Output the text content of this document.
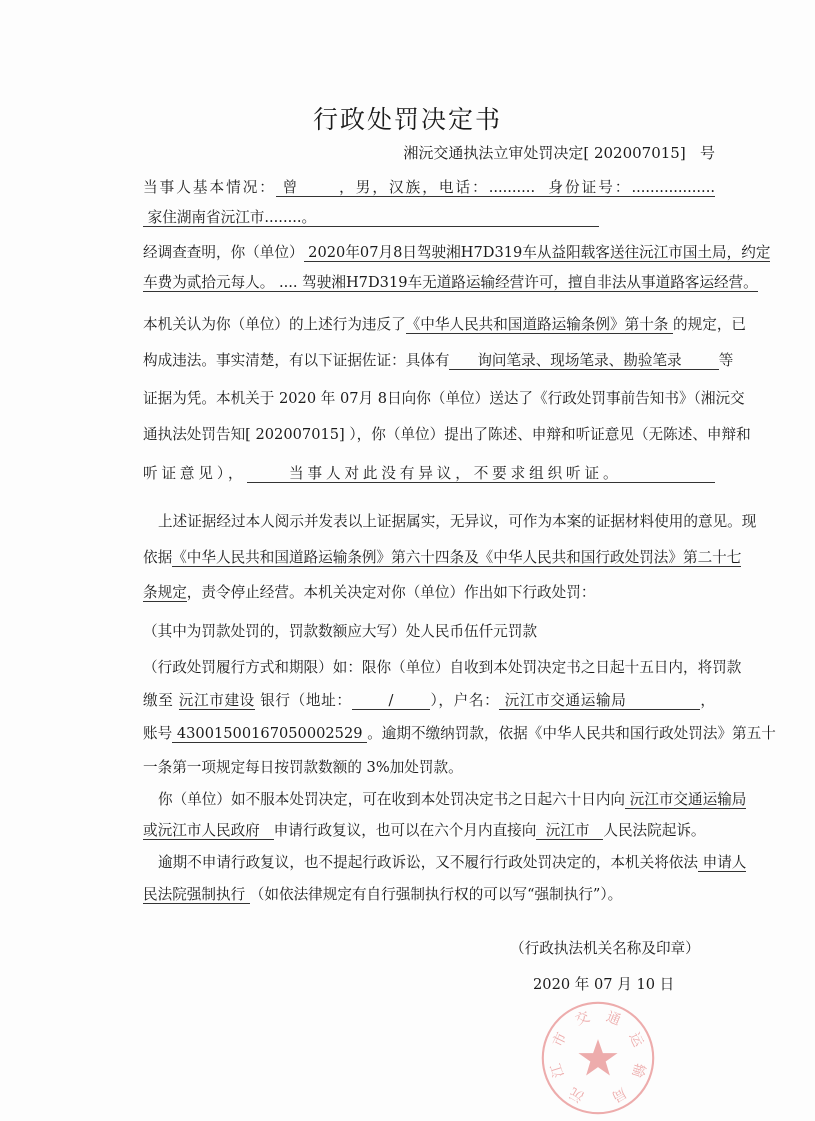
行政处罚决定书
湘沅交通执法立审处罚决定[ 202007015]   号
当事人基本情况： 曾      ，男，汉族，电话：..........  身份证号：..................
家住湖南省沅江市........。
经调查查明，你（单位） 2020年07月8日驾驶湘H7D319车从益阳载客送往沅江市国土局，约定
车费为贰拾元每人。 .... 驾驶湘H7D319车无道路运输经营许可，擅自非法从事道路客运经营。
本机关认为你（单位）的上述行为违反了《中华人民共和国道路运输条例》第十条 的规定，已
构成违法。事实清楚，有以下证据佐证：具体有      询问笔录、现场笔录、勘验笔录        等
证据为凭。本机关于 2020 年 07月 8日向你（单位）送达了《行政处罚事前告知书》（湘沅交
通执法处罚告知[ 202007015] ），你（单位）提出了陈述、申辩和听证意见（无陈述、申辩和
听证意见），     当事人对此没有异议，不要求组织听证。
上述证据经过本人阅示并发表以上证据属实，无异议，可作为本案的证据材料使用的意见。现
依据《中华人民共和国道路运输条例》第六十四条及《中华人民共和国行政处罚法》第二十七
条规定，责令停止经营。本机关决定对你（单位）作出如下行政处罚：
（其中为罚款处罚的，罚款数额应大写）处人民币伍仟元罚款
（行政处罚履行方式和期限）如：限你（单位）自收到本处罚决定书之日起十五日内，将罚款
缴至 沅江市建设 银行（地址：       /       ），户名： 沅江市交通运输局              ，
账号 43001500167050002529 。逾期不缴纳罚款，依据《中华人民共和国行政处罚法》第五十
一条第一项规定每日按罚款数额的 3%加处罚款。
你（单位）如不服本处罚决定，可在收到本处罚决定书之日起六十日内向 沅江市交通运输局
或沅江市人民政府   申请行政复议，也可以在六个月内直接向  沅江市   人民法院起诉。
逾期不申请行政复议，也不提起行政诉讼，又不履行行政处罚决定的，本机关将依法 申请人
民法院强制执行 （如依法律规定有自行强制执行权的可以写“强制执行”）。
沅
江
市
交 通
运
输
局
（行政执法机关名称及印章）
2020 年 07 月 10 日
